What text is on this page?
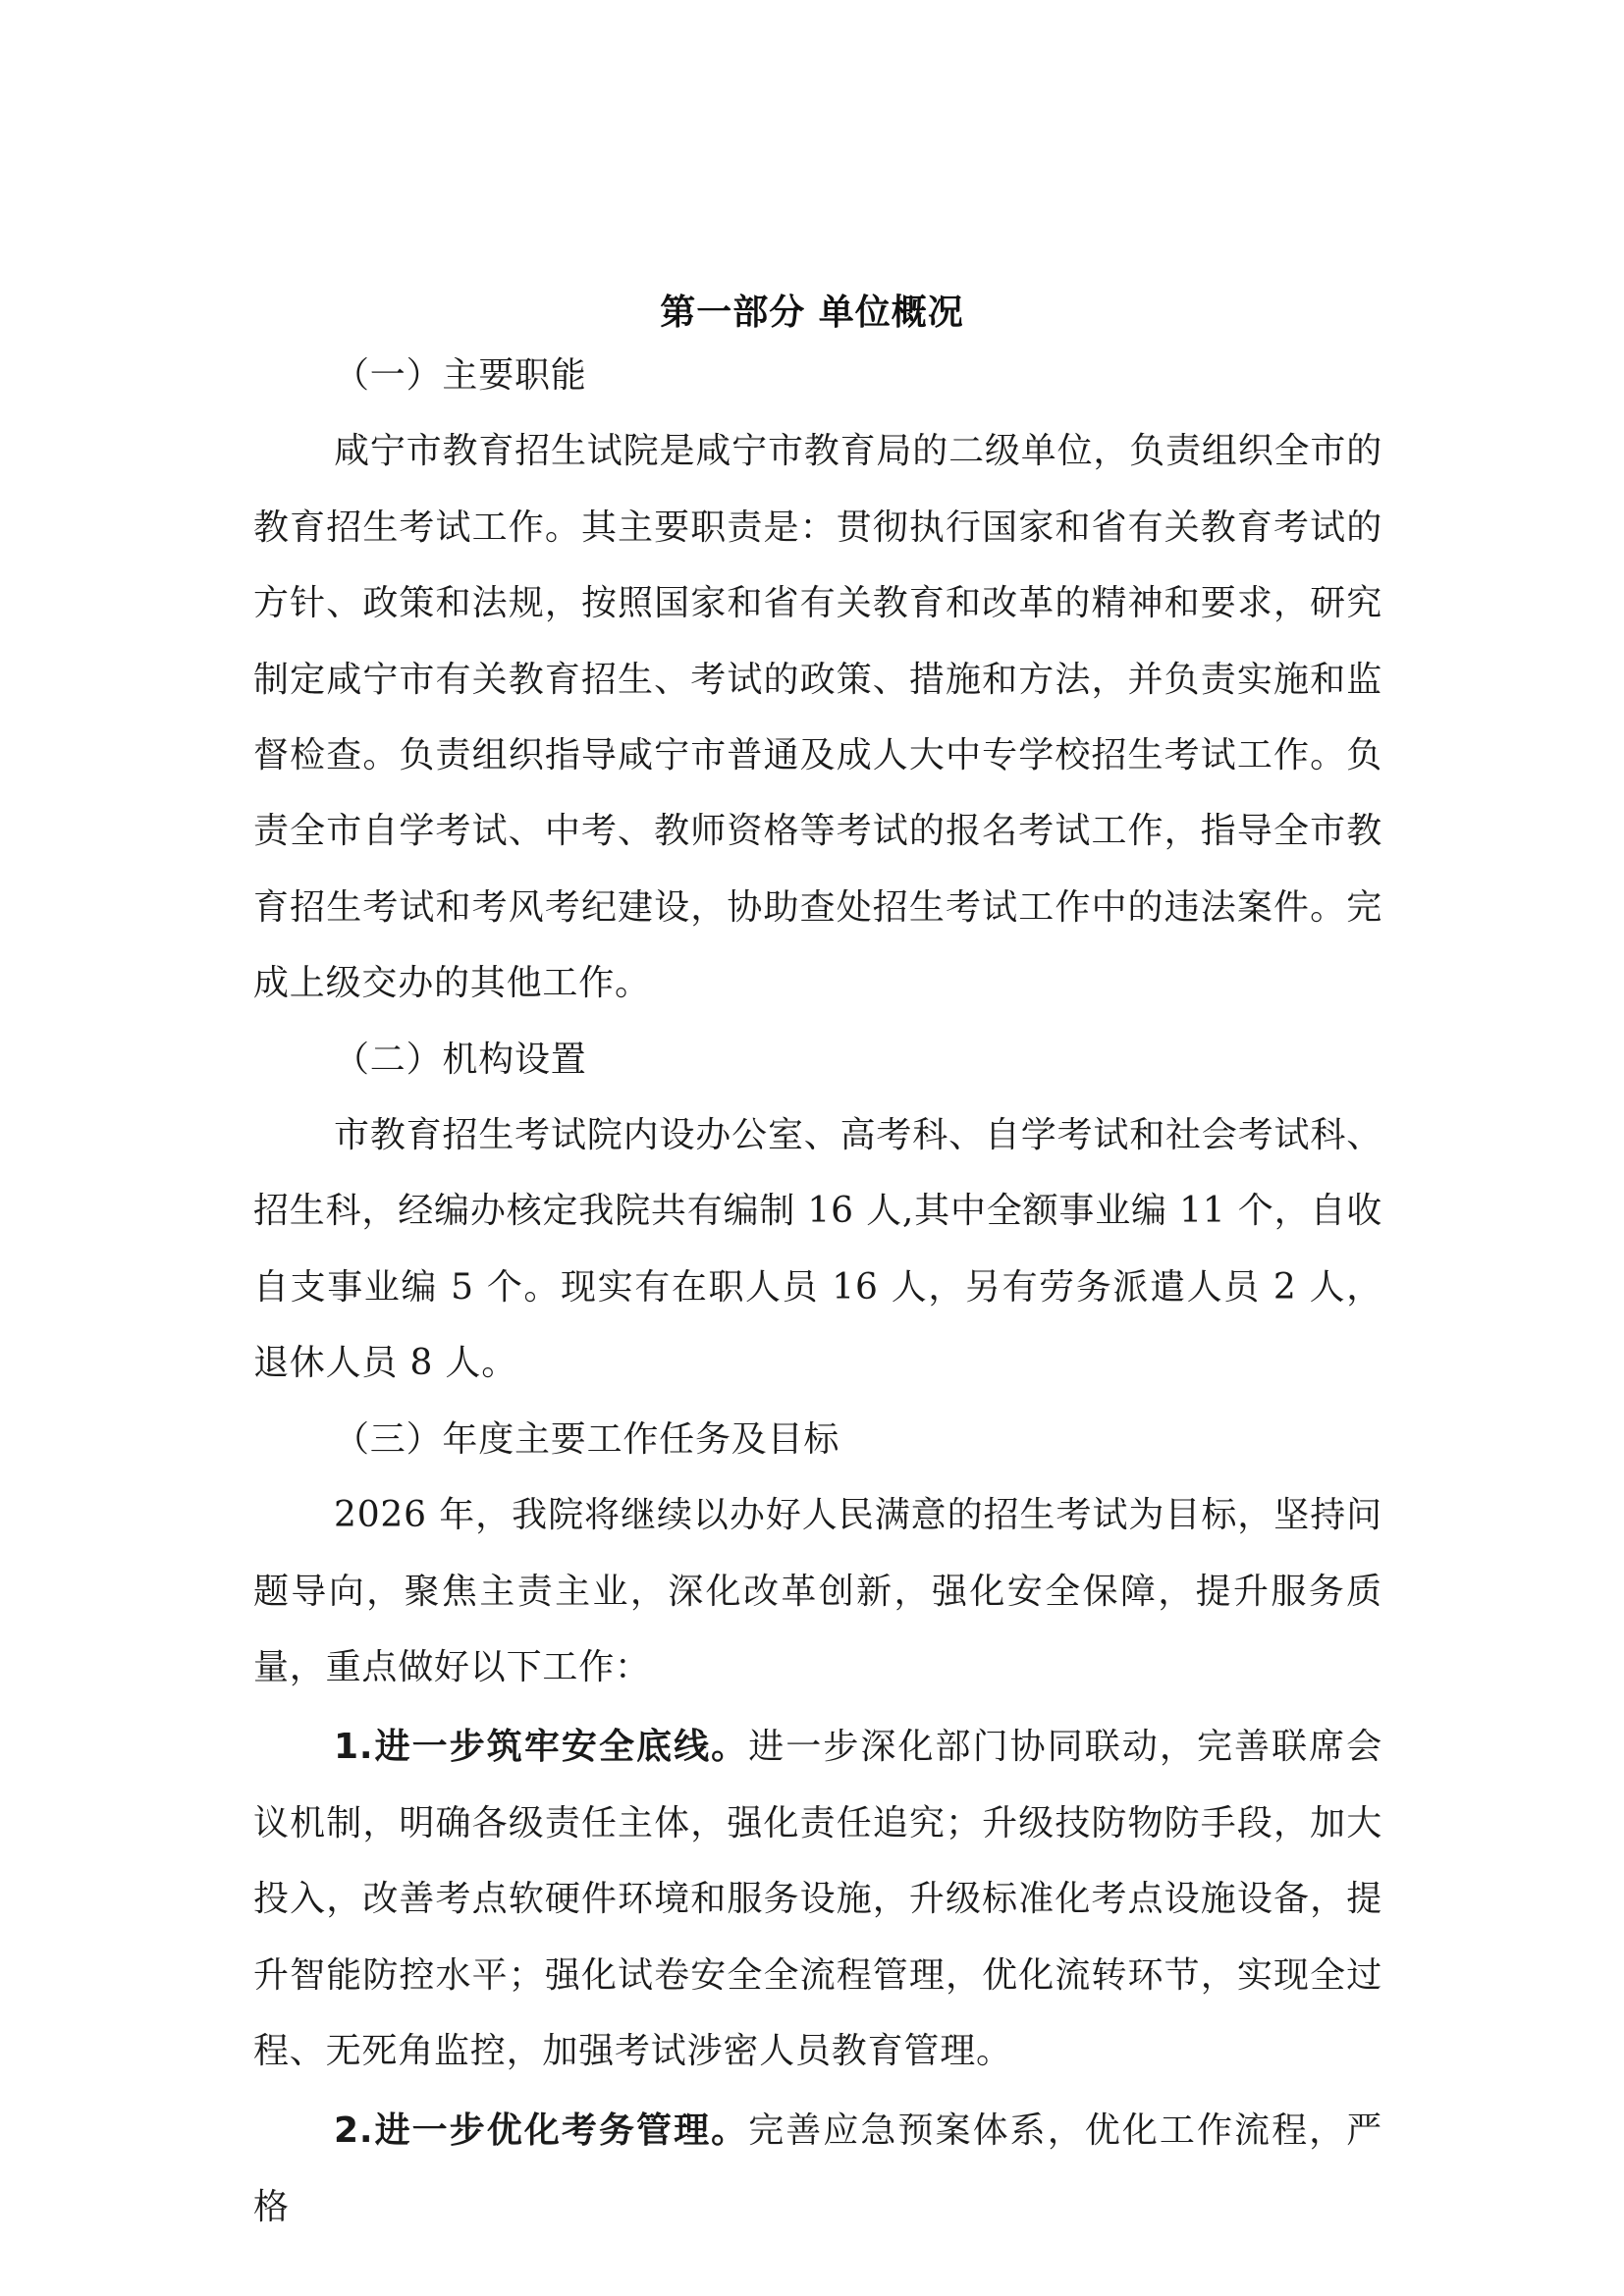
第一部分 单位概况

（一）主要职能

咸宁市教育招生试院是咸宁市教育局的二级单位，负责组织全市的教育招生考试工作。其主要职责是：贯彻执行国家和省有关教育考试的方针、政策和法规，按照国家和省有关教育和改革的精神和要求，研究制定咸宁市有关教育招生、考试的政策、措施和方法，并负责实施和监督检查。负责组织指导咸宁市普通及成人大中专学校招生考试工作。负责全市自学考试、中考、教师资格等考试的报名考试工作，指导全市教育招生考试和考风考纪建设，协助查处招生考试工作中的违法案件。完成上级交办的其他工作。

（二）机构设置

市教育招生考试院内设办公室、高考科、自学考试和社会考试科、招生科，经编办核定我院共有编制 16 人,其中全额事业编 11 个，自收自支事业编 5 个。现实有在职人员 16 人，另有劳务派遣人员 2 人，退休人员 8 人。

（三）年度主要工作任务及目标

2026 年，我院将继续以办好人民满意的招生考试为目标，坚持问题导向，聚焦主责主业，深化改革创新，强化安全保障，提升服务质量，重点做好以下工作：

1.进一步筑牢安全底线。进一步深化部门协同联动，完善联席会议机制，明确各级责任主体，强化责任追究；升级技防物防手段，加大投入，改善考点软硬件环境和服务设施，升级标准化考点设施设备，提升智能防控水平；强化试卷安全全流程管理，优化流转环节，实现全过程、无死角监控，加强考试涉密人员教育管理。

2.进一步优化考务管理。完善应急预案体系，优化工作流程，严格
